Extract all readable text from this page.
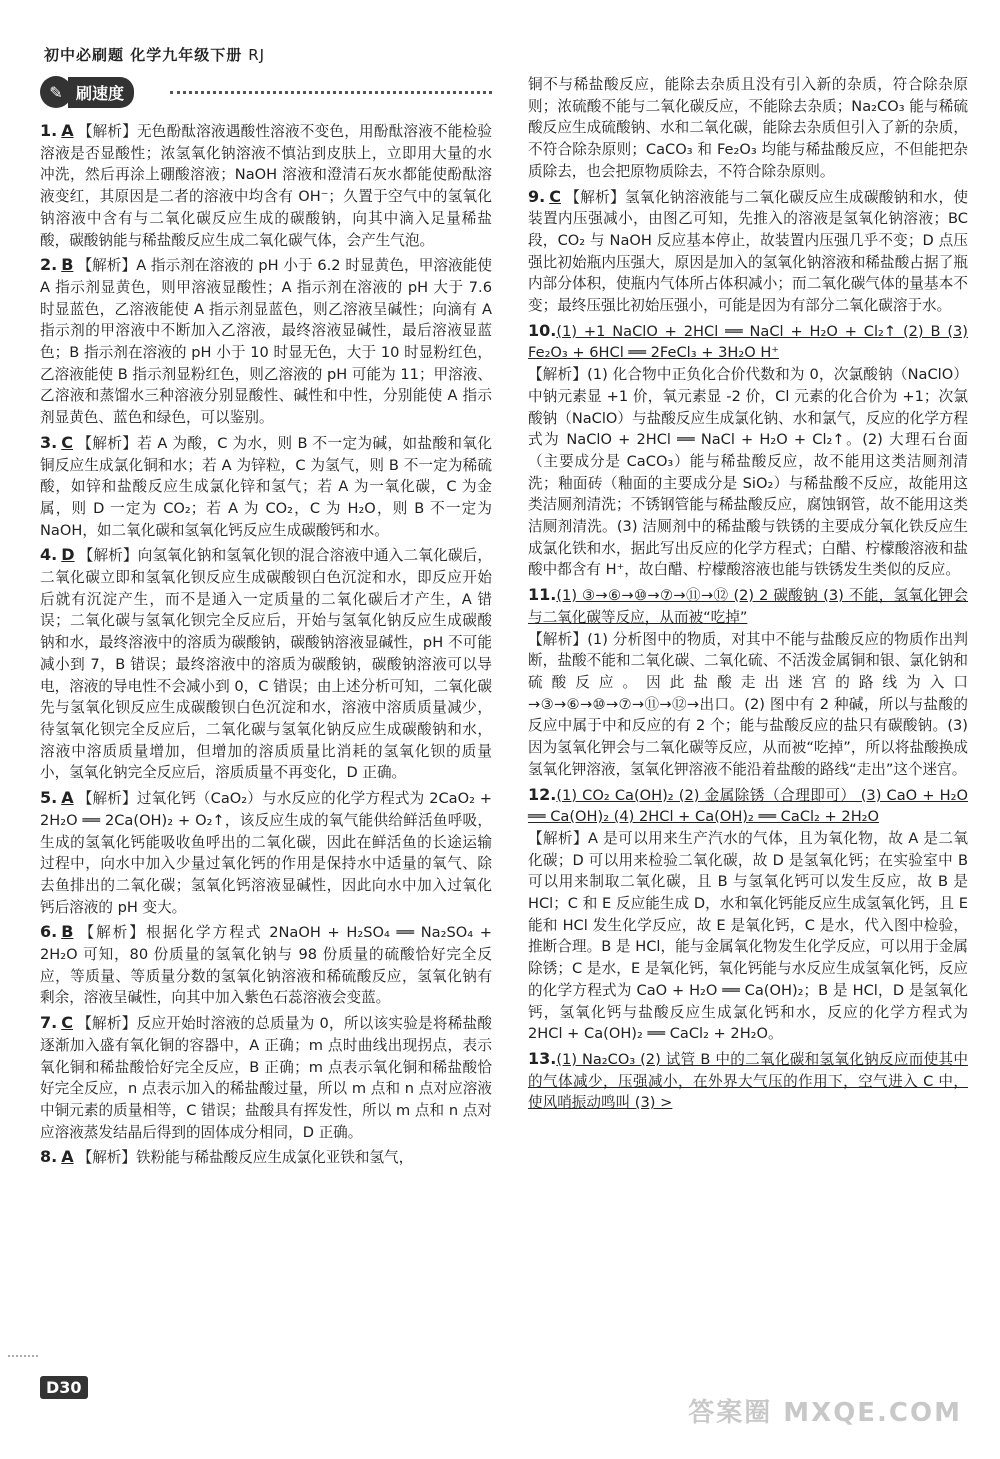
初中必刷题 化学九年级下册 RJ
✎ 刷速度
1. A 【解析】无色酚酞溶液遇酸性溶液不变色，用酚酞溶液不能检验溶液是否显酸性；浓氢氧化钠溶液不慎沾到皮肤上，立即用大量的水冲洗，然后再涂上硼酸溶液；NaOH 溶液和澄清石灰水都能使酚酞溶液变红，其原因是二者的溶液中均含有 OH⁻；久置于空气中的氢氧化钠溶液中含有与二氧化碳反应生成的碳酸钠，向其中滴入足量稀盐酸，碳酸钠能与稀盐酸反应生成二氧化碳气体，会产生气泡。
2. B 【解析】A 指示剂在溶液的 pH 小于 6.2 时显黄色，甲溶液能使 A 指示剂显黄色，则甲溶液显酸性；A 指示剂在溶液的 pH 大于 7.6 时显蓝色，乙溶液能使 A 指示剂显蓝色，则乙溶液呈碱性；向滴有 A 指示剂的甲溶液中不断加入乙溶液，最终溶液显碱性，最后溶液显蓝色；B 指示剂在溶液的 pH 小于 10 时显无色，大于 10 时显粉红色，乙溶液能使 B 指示剂显粉红色，则乙溶液的 pH 可能为 11；甲溶液、乙溶液和蒸馏水三种溶液分别显酸性、碱性和中性，分别能使 A 指示剂显黄色、蓝色和绿色，可以鉴别。
3. C 【解析】若 A 为酸，C 为水，则 B 不一定为碱，如盐酸和氧化铜反应生成氯化铜和水；若 A 为锌粒，C 为氢气，则 B 不一定为稀硫酸，如锌和盐酸反应生成氯化锌和氢气；若 A 为一氧化碳，C 为金属，则 D 一定为 CO₂；若 A 为 CO₂，C 为 H₂O，则 B 不一定为 NaOH，如二氧化碳和氢氧化钙反应生成碳酸钙和水。
4. D 【解析】向氢氧化钠和氢氧化钡的混合溶液中通入二氧化碳后，二氧化碳立即和氢氧化钡反应生成碳酸钡白色沉淀和水，即反应开始后就有沉淀产生，而不是通入一定质量的二氧化碳后才产生，A 错误；二氧化碳与氢氧化钡完全反应后，开始与氢氧化钠反应生成碳酸钠和水，最终溶液中的溶质为碳酸钠，碳酸钠溶液显碱性，pH 不可能减小到 7，B 错误；最终溶液中的溶质为碳酸钠，碳酸钠溶液可以导电，溶液的导电性不会减小到 0，C 错误；由上述分析可知，二氧化碳先与氢氧化钡反应生成碳酸钡白色沉淀和水，溶液中溶质质量减少，待氢氧化钡完全反应后，二氧化碳与氢氧化钠反应生成碳酸钠和水，溶液中溶质质量增加，但增加的溶质质量比消耗的氢氧化钡的质量小，氢氧化钠完全反应后，溶质质量不再变化，D 正确。
5. A 【解析】过氧化钙（CaO₂）与水反应的化学方程式为 2CaO₂ + 2H₂O ══ 2Ca(OH)₂ + O₂↑，该反应生成的氧气能供给鲜活鱼呼吸，生成的氢氧化钙能吸收鱼呼出的二氧化碳，因此在鲜活鱼的长途运输过程中，向水中加入少量过氧化钙的作用是保持水中适量的氧气、除去鱼排出的二氧化碳；氢氧化钙溶液显碱性，因此向水中加入过氧化钙后溶液的 pH 变大。
6. B 【解析】根据化学方程式 2NaOH + H₂SO₄ ══ Na₂SO₄ + 2H₂O 可知，80 份质量的氢氧化钠与 98 份质量的硫酸恰好完全反应，等质量、等质量分数的氢氧化钠溶液和稀硫酸反应，氢氧化钠有剩余，溶液呈碱性，向其中加入紫色石蕊溶液会变蓝。
7. C 【解析】反应开始时溶液的总质量为 0，所以该实验是将稀盐酸逐渐加入盛有氧化铜的容器中，A 正确；m 点时曲线出现拐点，表示氧化铜和稀盐酸恰好完全反应，B 正确；m 点表示氧化铜和稀盐酸恰好完全反应，n 点表示加入的稀盐酸过量，所以 m 点和 n 点对应溶液中铜元素的质量相等，C 错误；盐酸具有挥发性，所以 m 点和 n 点对应溶液蒸发结晶后得到的固体成分相同，D 正确。
8. A 【解析】铁粉能与稀盐酸反应生成氯化亚铁和氢气，
铜不与稀盐酸反应，能除去杂质且没有引入新的杂质，符合除杂原则；浓硫酸不能与二氧化碳反应，不能除去杂质；Na₂CO₃ 能与稀硫酸反应生成硫酸钠、水和二氧化碳，能除去杂质但引入了新的杂质，不符合除杂原则；CaCO₃ 和 Fe₂O₃ 均能与稀盐酸反应，不但能把杂质除去，也会把原物质除去，不符合除杂原则。
9. C 【解析】氢氧化钠溶液能与二氧化碳反应生成碳酸钠和水，使装置内压强减小，由图乙可知，先推入的溶液是氢氧化钠溶液；BC 段，CO₂ 与 NaOH 反应基本停止，故装置内压强几乎不变；D 点压强比初始瓶内压强大，原因是加入的氢氧化钠溶液和稀盐酸占据了瓶内部分体积，使瓶内气体所占体积减小；而二氧化碳气体的量基本不变；最终压强比初始压强小，可能是因为有部分二氧化碳溶于水。
10.(1) +1 NaClO + 2HCl ══ NaCl + H₂O + Cl₂↑ (2) B (3) Fe₂O₃ + 6HCl ══ 2FeCl₃ + 3H₂O H⁺
【解析】(1) 化合物中正负化合价代数和为 0，次氯酸钠（NaClO）中钠元素显 +1 价，氧元素显 -2 价，Cl 元素的化合价为 +1；次氯酸钠（NaClO）与盐酸反应生成氯化钠、水和氯气，反应的化学方程式为 NaClO + 2HCl ══ NaCl + H₂O + Cl₂↑。(2) 大理石台面（主要成分是 CaCO₃）能与稀盐酸反应，故不能用这类洁厕剂清洗；釉面砖（釉面的主要成分是 SiO₂）与稀盐酸不反应，故能用这类洁厕剂清洗；不锈钢管能与稀盐酸反应，腐蚀钢管，故不能用这类洁厕剂清洗。(3) 洁厕剂中的稀盐酸与铁锈的主要成分氧化铁反应生成氯化铁和水，据此写出反应的化学方程式；白醋、柠檬酸溶液和盐酸中都含有 H⁺，故白醋、柠檬酸溶液也能与铁锈发生类似的反应。
11.(1) ③→⑥→⑩→⑦→⑪→⑫ (2) 2 碳酸钠 (3) 不能，氢氧化钾会与二氧化碳等反应，从而被“吃掉”
【解析】(1) 分析图中的物质，对其中不能与盐酸反应的物质作出判断，盐酸不能和二氧化碳、二氧化硫、不活泼金属铜和银、氯化钠和硫酸反应。因此盐酸走出迷宫的路线为入口→③→⑥→⑩→⑦→⑪→⑫→出口。(2) 图中有 2 种碱，所以与盐酸的反应中属于中和反应的有 2 个；能与盐酸反应的盐只有碳酸钠。(3) 因为氢氧化钾会与二氧化碳等反应，从而被“吃掉”，所以将盐酸换成氢氧化钾溶液，氢氧化钾溶液不能沿着盐酸的路线“走出”这个迷宫。
12.(1) CO₂ Ca(OH)₂ (2) 金属除锈（合理即可） (3) CaO + H₂O ══ Ca(OH)₂ (4) 2HCl + Ca(OH)₂ ══ CaCl₂ + 2H₂O
【解析】A 是可以用来生产汽水的气体，且为氧化物，故 A 是二氧化碳；D 可以用来检验二氧化碳，故 D 是氢氧化钙；在实验室中 B 可以用来制取二氧化碳，且 B 与氢氧化钙可以发生反应，故 B 是 HCl；C 和 E 反应能生成 D，水和氧化钙能反应生成氢氧化钙，且 E 能和 HCl 发生化学反应，故 E 是氧化钙，C 是水，代入图中检验，推断合理。B 是 HCl，能与金属氧化物发生化学反应，可以用于金属除锈；C 是水，E 是氧化钙，氧化钙能与水反应生成氢氧化钙，反应的化学方程式为 CaO + H₂O ══ Ca(OH)₂；B 是 HCl，D 是氢氧化钙，氢氧化钙与盐酸反应生成氯化钙和水，反应的化学方程式为 2HCl + Ca(OH)₂ ══ CaCl₂ + 2H₂O。
13.(1) Na₂CO₃ (2) 试管 B 中的二氧化碳和氢氧化钠反应而使其中的气体减少，压强减小，在外界大气压的作用下，空气进入 C 中，使风哨振动鸣叫 (3) >

D30
答案圈 MXQE.COM
